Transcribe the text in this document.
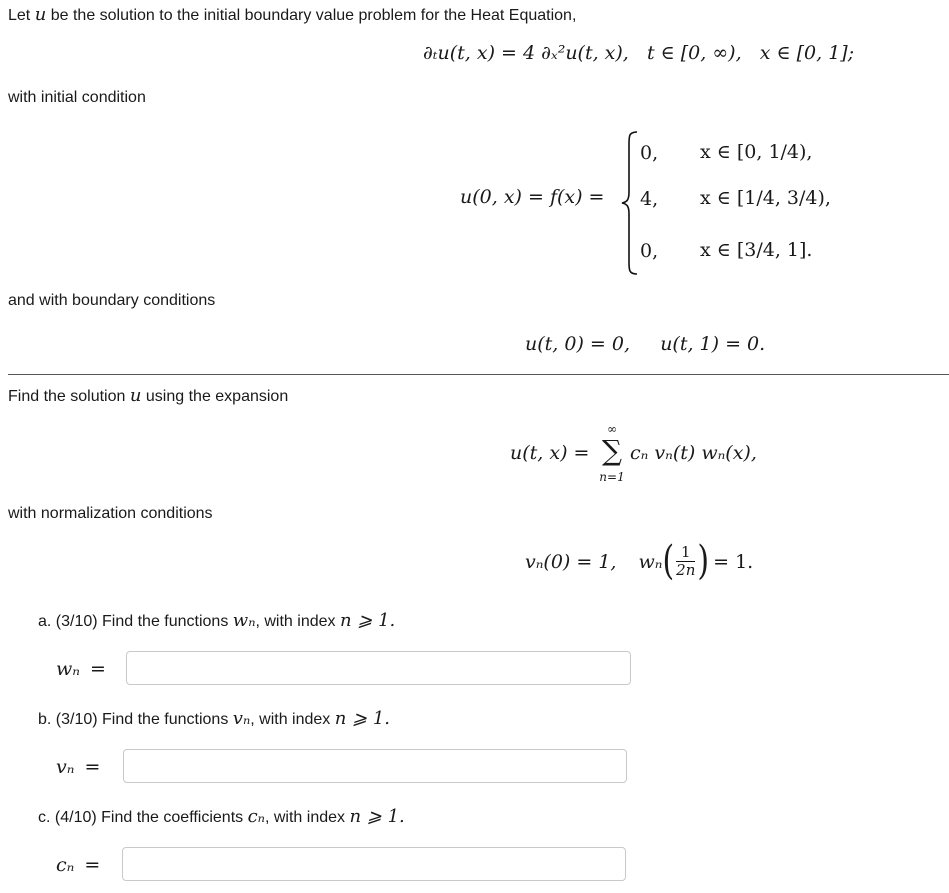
Let u be the solution to the initial boundary value problem for the Heat Equation,
∂ₜu(t, x) = 4 ∂ₓ²u(t, x), t ∈ [0, ∞), x ∈ [0, 1];
with initial condition
u(0, x) = f(x) =
0,
4,
0,
x ∈ [0, 1/4),
x ∈ [1/4, 3/4),
x ∈ [3/4, 1].
and with boundary conditions
u(t, 0) = 0,     u(t, 1) = 0.
Find the solution u using the expansion
u(t, x) =
∞
∑
n=1
cₙ vₙ(t) wₙ(x),
with normalization conditions
vₙ(0) = 1, wₙ ( $\frac{1}{2n}$ ) = 1.
a. (3/10) Find the functions wₙ, with index n ⩾ 1.
wₙ =
b. (3/10) Find the functions vₙ, with index n ⩾ 1.
vₙ =
c. (4/10) Find the coefficients cₙ, with index n ⩾ 1.
cₙ =
